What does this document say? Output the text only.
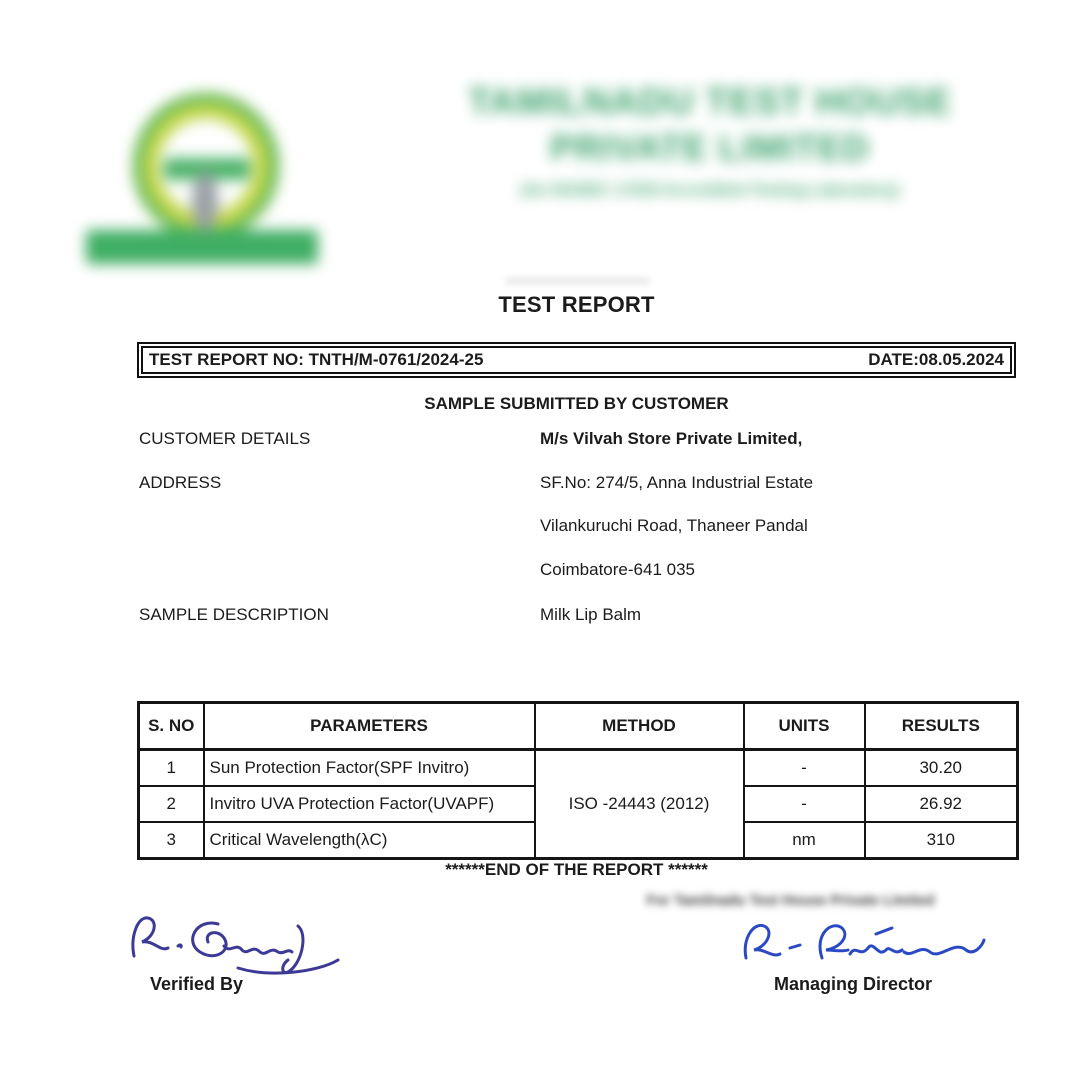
TAMILNADU TEST HOUSE
PRIVATE LIMITED
(An ISO/IEC 17025 Accredited Testing Laboratory)
TEST REPORT
TEST REPORT NO: TNTH/M-0761/2024-25	DATE:08.05.2024
SAMPLE SUBMITTED BY CUSTOMER
CUSTOMER DETAILS	M/s Vilvah Store Private Limited,
ADDRESS	SF.No: 274/5, Anna Industrial Estate
Vilankuruchi Road, Thaneer Pandal
Coimbatore-641 035
SAMPLE DESCRIPTION	Milk Lip Balm
S. NO	PARAMETERS	METHOD	UNITS	RESULTS
1	Sun Protection Factor(SPF Invitro)	ISO -24443 (2012)	-	30.20
2	Invitro UVA Protection Factor(UVAPF)		-	26.92
3	Critical Wavelength(λC)		nm	310
******END OF THE REPORT ******
For Tamilnadu Test House Private Limited
Verified By	Managing Director
